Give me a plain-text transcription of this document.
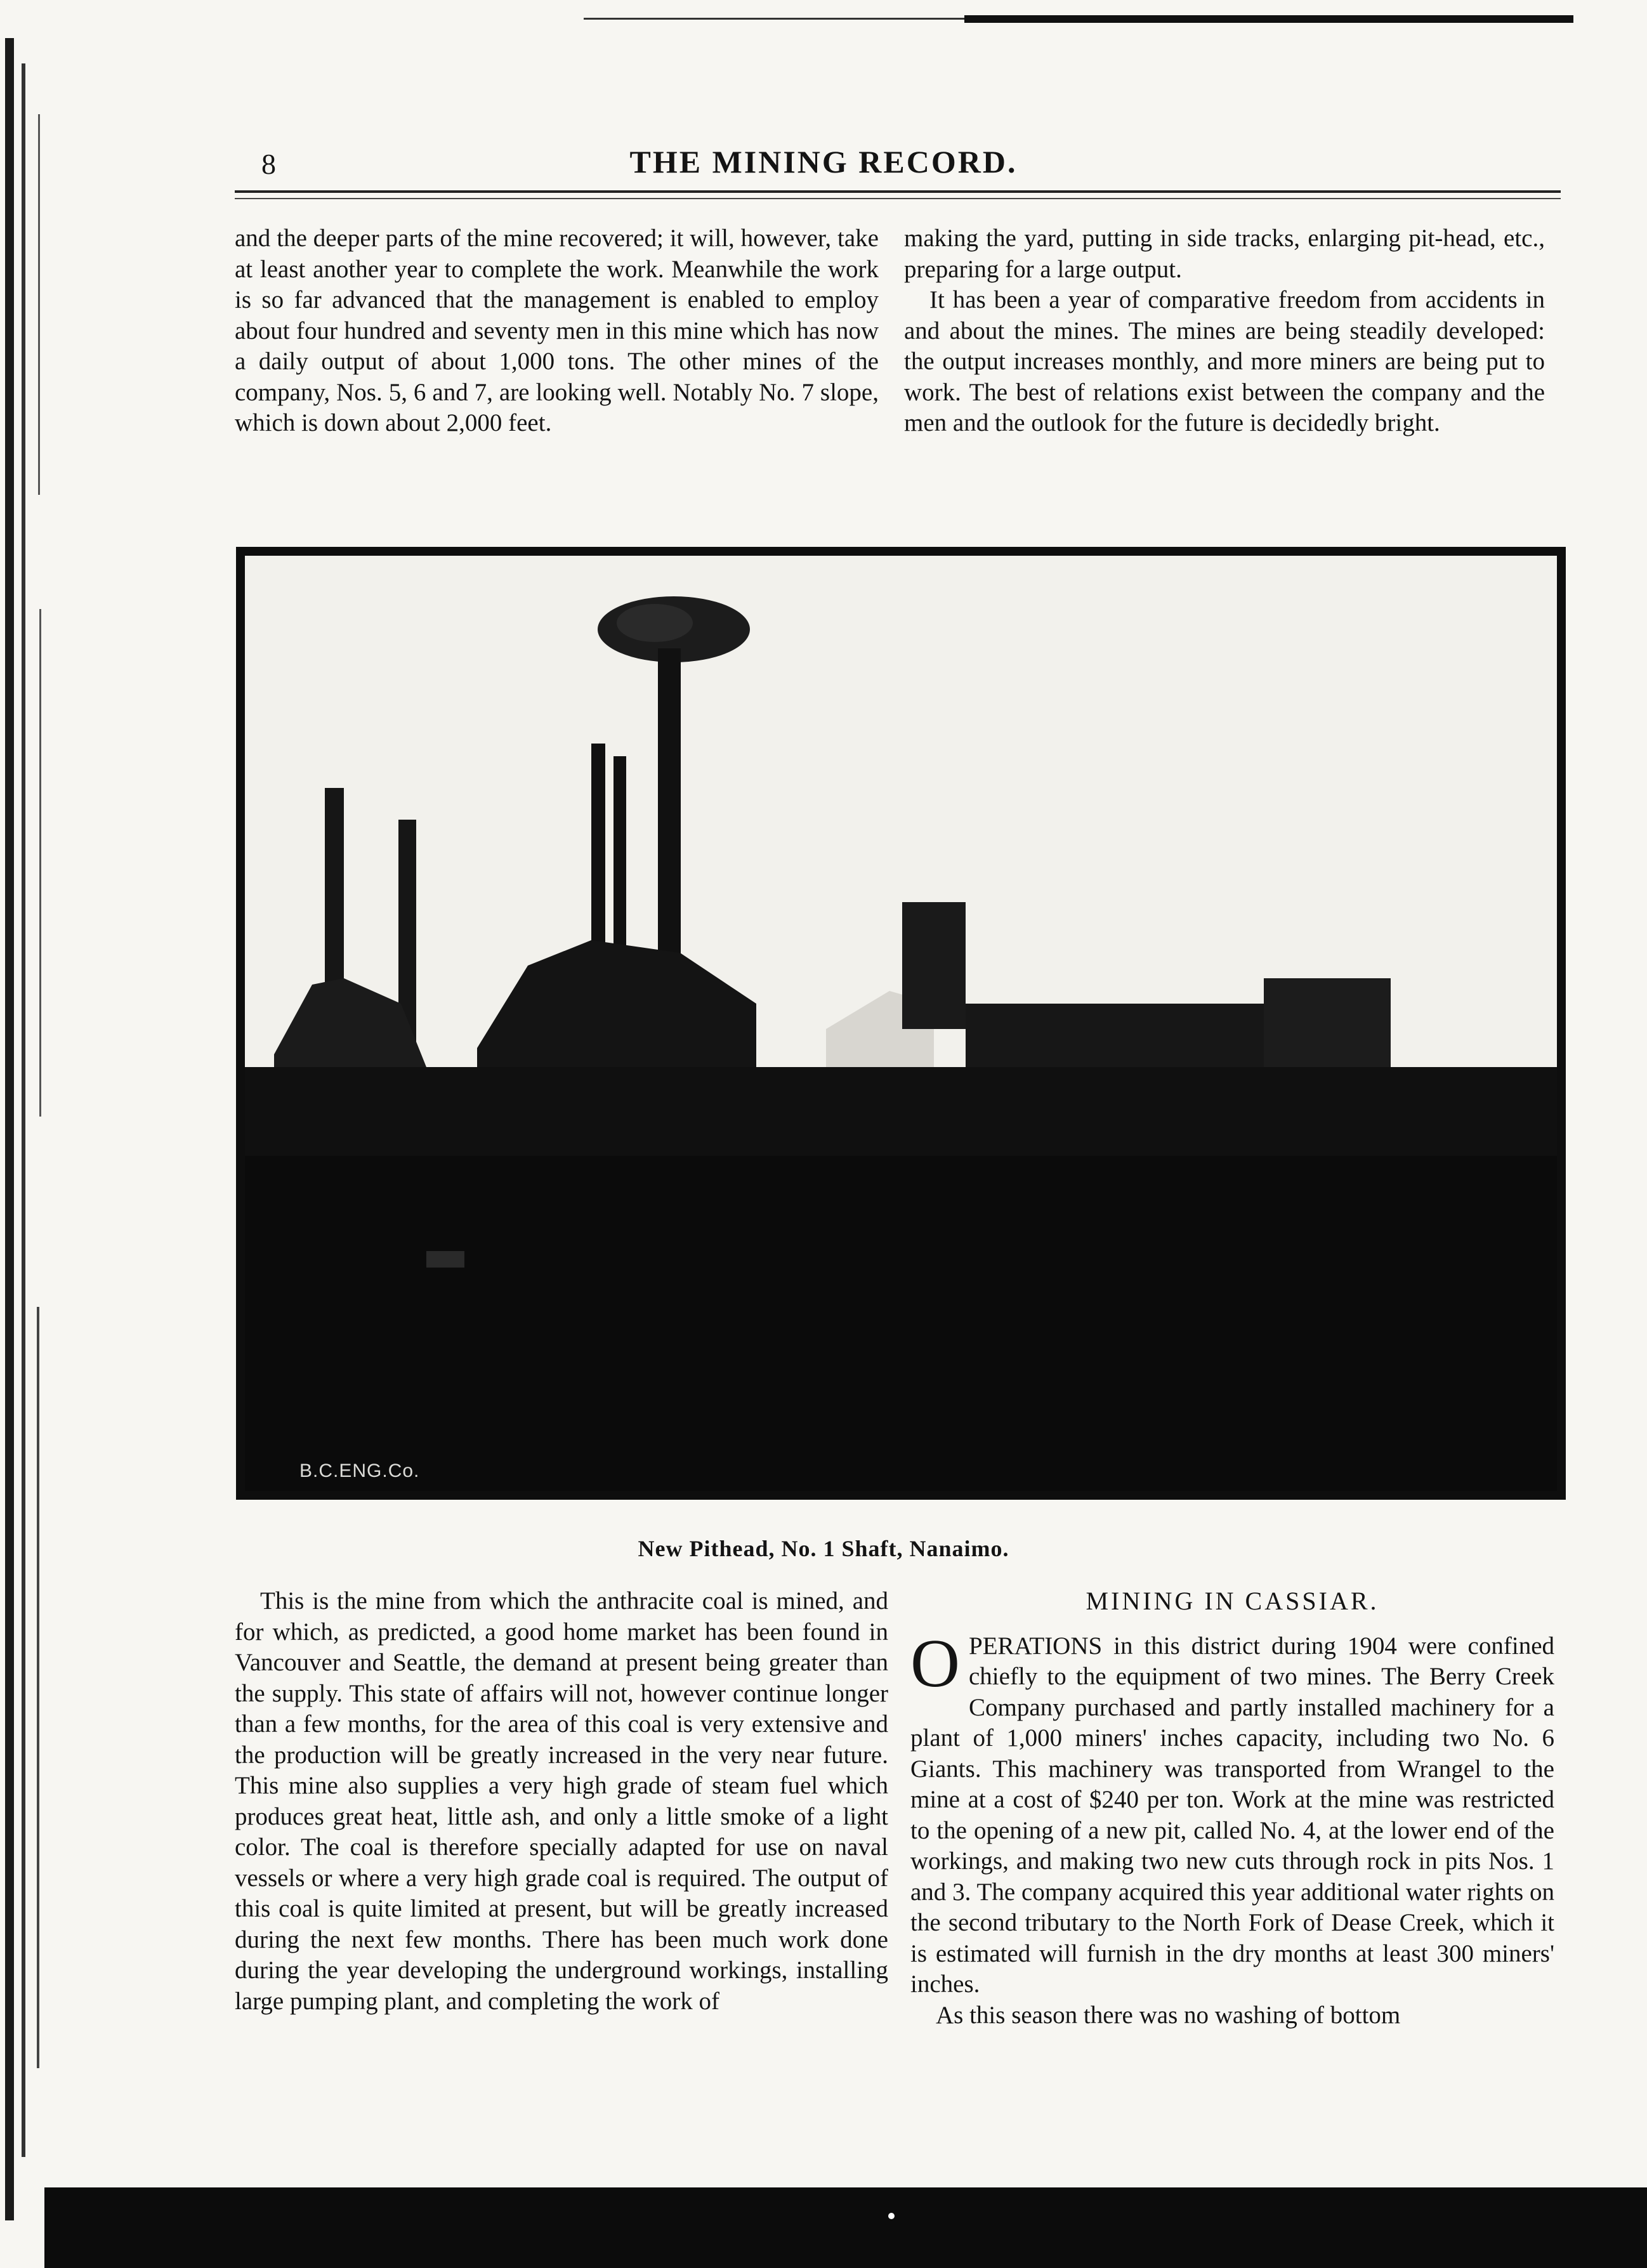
8	THE MINING RECORD.

and the deeper parts of the mine recovered; it will, however, take at least another year to complete the work. Meanwhile the work is so far advanced that the management is enabled to employ about four hundred and seventy men in this mine which has now a daily output of about 1,000 tons. The other mines of the company, Nos. 5, 6 and 7, are looking well. Notably No. 7 slope, which is down about 2,000 feet.

making the yard, putting in side tracks, enlarging pit-head, etc., preparing for a large output.

It has been a year of comparative freedom from accidents in and about the mines. The mines are being steadily developed: the output increases monthly, and more miners are being put to work. The best of relations exist between the company and the men and the outlook for the future is decidedly bright.

B.C.ENG.Co.
New Pithead, No. 1 Shaft, Nanaimo.

This is the mine from which the anthracite coal is mined, and for which, as predicted, a good home market has been found in Vancouver and Seattle, the demand at present being greater than the supply. This state of affairs will not, however continue longer than a few months, for the area of this coal is very extensive and the production will be greatly increased in the very near future. This mine also supplies a very high grade of steam fuel which produces great heat, little ash, and only a little smoke of a light color. The coal is therefore specially adapted for use on naval vessels or where a very high grade coal is required. The output of this coal is quite limited at present, but will be greatly increased during the next few months. There has been much work done during the year developing the underground workings, installing large pumping plant, and completing the work of

MINING IN CASSIAR.

OPERATIONS in this district during 1904 were confined chiefly to the equipment of two mines. The Berry Creek Company purchased and partly installed machinery for a plant of 1,000 miners' inches capacity, including two No. 6 Giants. This machinery was transported from Wrangel to the mine at a cost of $240 per ton. Work at the mine was restricted to the opening of a new pit, called No. 4, at the lower end of the workings, and making two new cuts through rock in pits Nos. 1 and 3. The company acquired this year additional water rights on the second tributary to the North Fork of Dease Creek, which it is estimated will furnish in the dry months at least 300 miners' inches.

As this season there was no washing of bottom
